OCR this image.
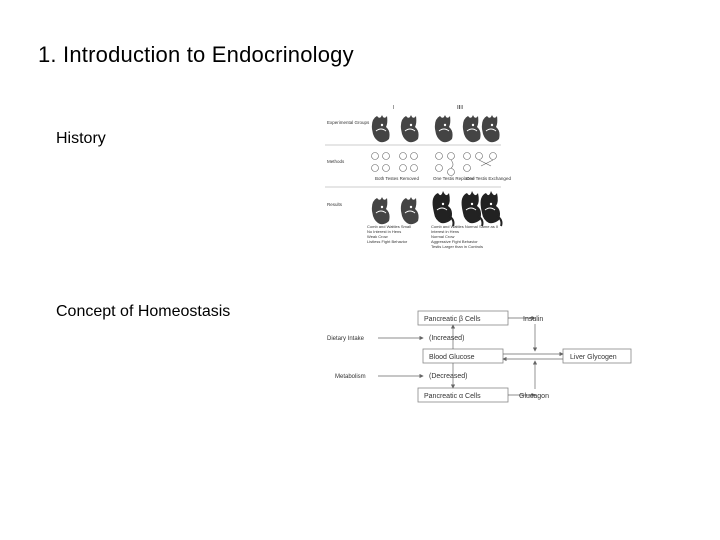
1. Introduction to Endocrinology
History
Concept of Homeostasis
I	II III
Experimental Groups
Methods
Results
Both Testes Removed	One Testis Replaced
One Testis Exchanged
Comb and Wattles Small No Interest in Hens Weak Crow Listless Fight Behavior
Comb and Wattles Normal Interest in Hens Normal Crow Aggressive Fight Behavior Testis Larger than in Controls
Same as II
Pancreatic β Cells	Insulin
Dietary Intake	(Increased)
Blood Glucose	Liver Glycogen
Metabolism	(Decreased)
Pancreatic α Cells	Glucagon
